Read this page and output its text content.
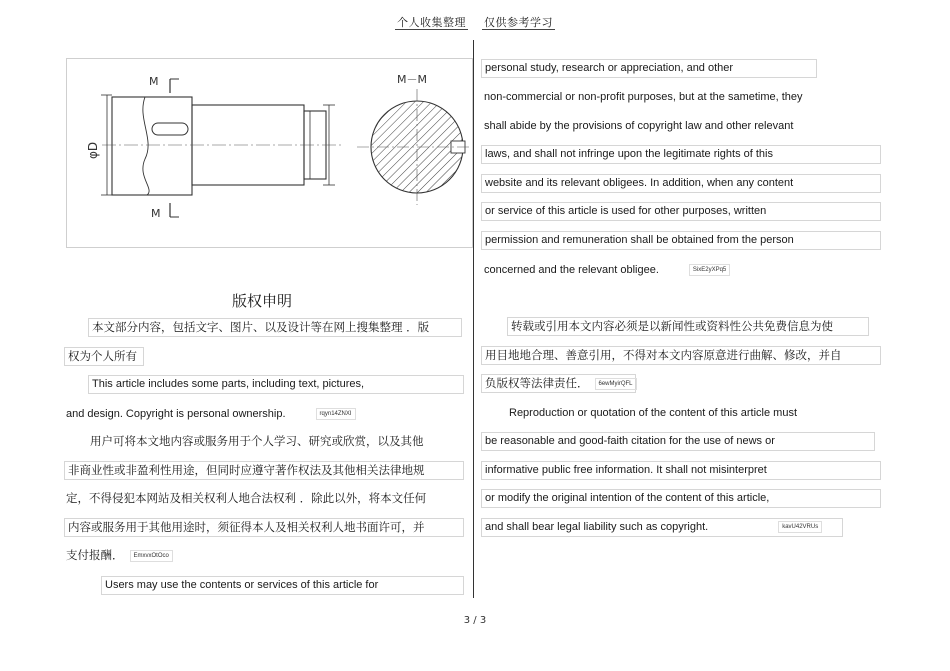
个人收集整理 仅供参考学习
M
M
φD
M－M
版权申明
本文部分内容，包括文字、图片、以及设计等在网上搜集整理 ．版
权为个人所有
This article includes some parts, including text, pictures,
and design. Copyright is personal ownership.	rqyn14ZNXI
用户可将本文地内容或服务用于个人学习、研究或欣赏，以及其他
非商业性或非盈利性用途，但同时应遵守著作权法及其他相关法律地规
定，不得侵犯本网站及相关权利人地合法权利 ．除此以外，将本文任何
内容或服务用于其他用途时，须征得本人及相关权利人地书面许可，并
支付报酬． EmxvxOtOco
Users may use the contents or services of this article for
personal study, research or appreciation, and other
non-commercial or non-profit purposes, but at the sametime, they
shall abide by the provisions of copyright law and other relevant
laws, and shall not infringe upon the legitimate rights of this
website and its relevant obligees. In addition, when any content
or service of this article is used for other purposes, written
permission and remuneration shall be obtained from the person
concerned and the relevant obligee.	SixE2yXPq5
转载或引用本文内容必须是以新闻性或资料性公共免费信息为使
用目地地合理、善意引用，不得对本文内容原意进行曲解、修改，并自
负版权等法律责任． 6ewMyirQFL
Reproduction or quotation of the content of this article must
be reasonable and good-faith citation for the use of news or
informative public free information. It shall not misinterpret
or modify the original intention of the content of this article,
and shall bear legal liability such as copyright.	kavU42VRUs
3 / 3
